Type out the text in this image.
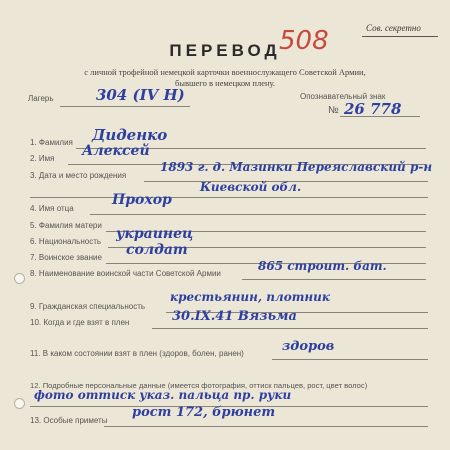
Сов. секретно
ПЕРЕВОД
508
с личной трофейной немецкой карточки военнослужащего Советской Армии,
бывшего в немецком плену.
Лагерь	304 (IV H)	Опознавательный знак
№ 26 778
1. Фамилия Диденко
2. Имя Алексей
3. Дата и место рождения
1893 г. д. Мазинки Переяславский р-н
Киевской обл.
4. Имя отца
Прохор
5. Фамилия матери
6. Национальность украинец
7. Воинское звание солдат
8. Наименование воинской части Советской Армии
865 строит. бат.
9. Гражданская специальность
крестьянин, плотник
10. Когда и где взят в плен	30.IX.41 Вязьма
11. В каком состоянии взят в плен (здоров, болен, ранен)	здоров
12. Подробные персональные данные (имеется фотография, оттиск пальцев, рост, цвет волос)
фото оттиск указ. пальца пр. руки
13. Особые приметы
рост 172, брюнет
